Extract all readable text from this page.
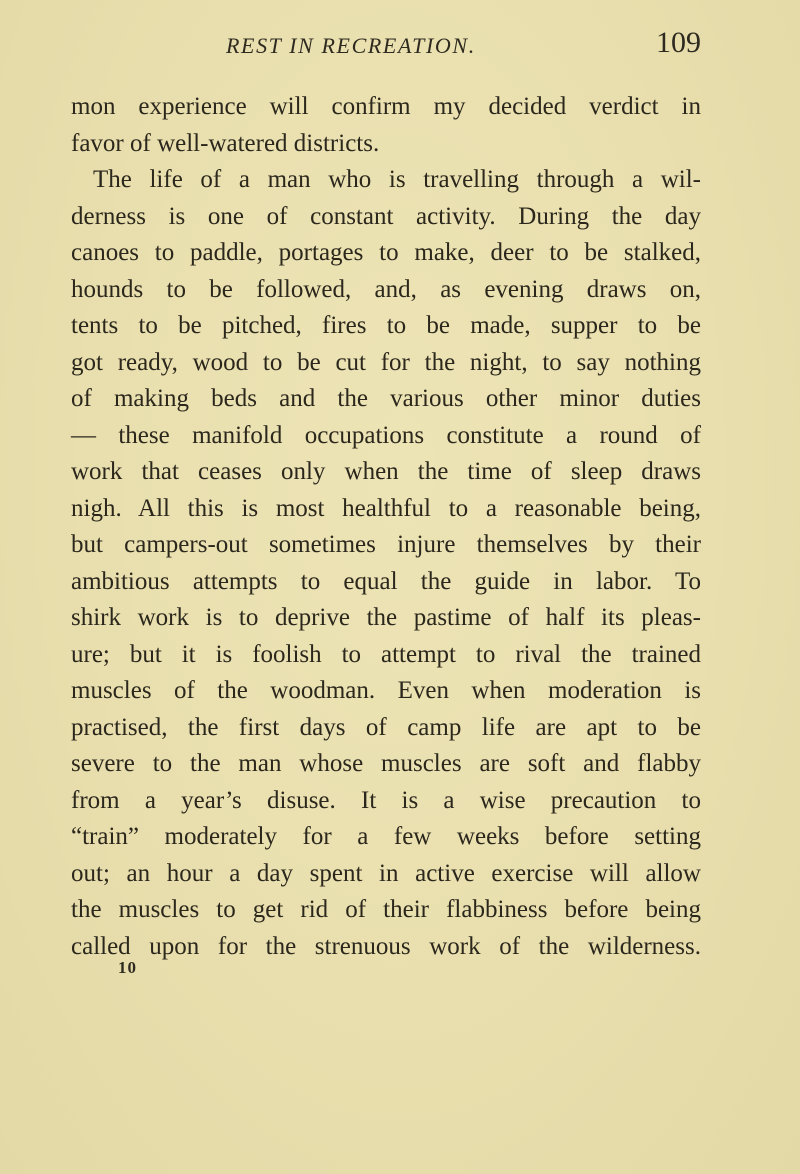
REST IN RECREATION.	109
mon experience will confirm my decided verdict in
favor of well-watered districts.
The life of a man who is travelling through a wil-
derness is one of constant activity. During the day
canoes to paddle, portages to make, deer to be stalked,
hounds to be followed, and, as evening draws on,
tents to be pitched, fires to be made, supper to be
got ready, wood to be cut for the night, to say nothing
of making beds and the various other minor duties
— these manifold occupations constitute a round of
work that ceases only when the time of sleep draws
nigh. All this is most healthful to a reasonable being,
but campers-out sometimes injure themselves by their
ambitious attempts to equal the guide in labor. To
shirk work is to deprive the pastime of half its pleas-
ure; but it is foolish to attempt to rival the trained
muscles of the woodman. Even when moderation is
practised, the first days of camp life are apt to be
severe to the man whose muscles are soft and flabby
from a year’s disuse. It is a wise precaution to
“train” moderately for a few weeks before setting
out; an hour a day spent in active exercise will allow
the muscles to get rid of their flabbiness before being
called upon for the strenuous work of the wilderness.
10
